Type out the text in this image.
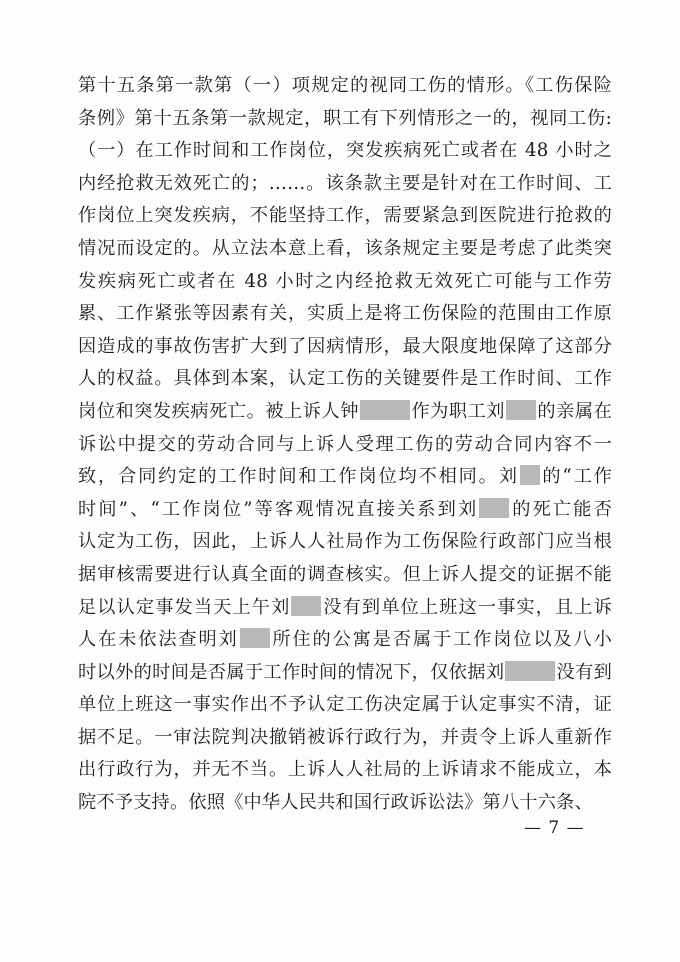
第十五条第一款第（一）项规定的视同工伤的情形。《工伤保险
条例》第十五条第一款规定，职工有下列情形之一的，视同工伤:
（一）在工作时间和工作岗位，突发疾病死亡或者在 48 小时之
内经抢救无效死亡的；……。该条款主要是针对在工作时间、工
作岗位上突发疾病，不能坚持工作，需要紧急到医院进行抢救的
情况而设定的。从立法本意上看，该条规定主要是考虑了此类突
发疾病死亡或者在 48 小时之内经抢救无效死亡可能与工作劳
累、工作紧张等因素有关，实质上是将工伤保险的范围由工作原
因造成的事故伤害扩大到了因病情形，最大限度地保障了这部分
人的权益。具体到本案，认定工伤的关键要件是工作时间、工作
岗位和突发疾病死亡。被上诉人钟	作为职工刘 的亲属在
诉讼中提交的劳动合同与上诉人受理工伤的劳动合同内容不一
致，合同约定的工作时间和工作岗位均不相同。刘 的“工作
时间”、“工作岗位”等客观情况直接关系到刘 的死亡能否
认定为工伤，因此，上诉人人社局作为工伤保险行政部门应当根
据审核需要进行认真全面的调查核实。但上诉人提交的证据不能
足以认定事发当天上午刘 没有到单位上班这一事实，且上诉
人在未依法查明刘 所住的公寓是否属于工作岗位以及八小
时以外的时间是否属于工作时间的情况下，仅依据刘	没有到
单位上班这一事实作出不予认定工伤决定属于认定事实不清，证
据不足。一审法院判决撤销被诉行政行为，并责令上诉人重新作
出行政行为，并无不当。上诉人人社局的上诉请求不能成立，本
院不予支持。依照《中华人民共和国行政诉讼法》第八十六条、
— 7 —
